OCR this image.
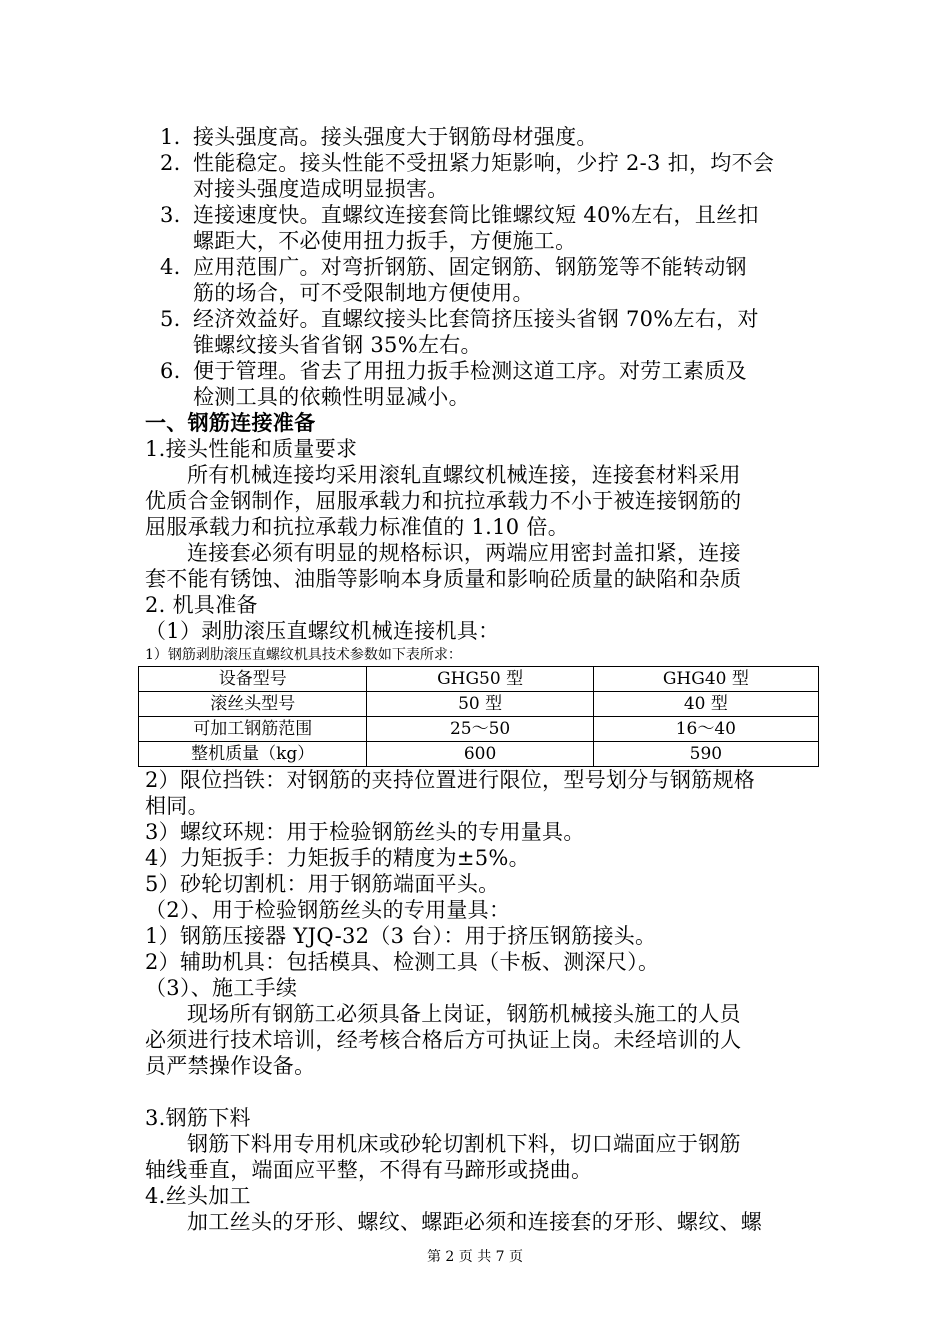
1. 接头强度高。接头强度大于钢筋母材强度。
2. 性能稳定。接头性能不受扭紧力矩影响，少拧 2-3 扣，均不会
对接头强度造成明显损害。
3. 连接速度快。直螺纹连接套筒比锥螺纹短 40%左右，且丝扣
螺距大，不必使用扭力扳手，方便施工。
4. 应用范围广。对弯折钢筋、固定钢筋、钢筋笼等不能转动钢
筋的场合，可不受限制地方便使用。
5. 经济效益好。直螺纹接头比套筒挤压接头省钢 70%左右，对
锥螺纹接头省省钢 35%左右。
6. 便于管理。省去了用扭力扳手检测这道工序。对劳工素质及
检测工具的依赖性明显减小。
一、钢筋连接准备
1.接头性能和质量要求
所有机械连接均采用滚轧直螺纹机械连接，连接套材料采用
优质合金钢制作，屈服承载力和抗拉承载力不小于被连接钢筋的
屈服承载力和抗拉承载力标准值的 1.10 倍。
连接套必须有明显的规格标识，两端应用密封盖扣紧，连接
套不能有锈蚀、油脂等影响本身质量和影响砼质量的缺陷和杂质
2. 机具准备
（1）剥肋滚压直螺纹机械连接机具：
1）钢筋剥肋滚压直螺纹机具技术参数如下表所求：
设备型号	GHG50 型	GHG40 型
滚丝头型号	50 型	40 型
可加工钢筋范围	25～50	16～40
整机质量（kg）	600	590
2）限位挡铁：对钢筋的夹持位置进行限位，型号划分与钢筋规格
相同。
3）螺纹环规：用于检验钢筋丝头的专用量具。
4）力矩扳手：力矩扳手的精度为±5%。
5）砂轮切割机：用于钢筋端面平头。
（2）、用于检验钢筋丝头的专用量具：
1）钢筋压接器 YJQ-32（3 台）：用于挤压钢筋接头。
2）辅助机具：包括模具、检测工具（卡板、测深尺）。
（3）、施工手续
现场所有钢筋工必须具备上岗证，钢筋机械接头施工的人员
必须进行技术培训，经考核合格后方可执证上岗。未经培训的人
员严禁操作设备。
3.钢筋下料
钢筋下料用专用机床或砂轮切割机下料，切口端面应于钢筋
轴线垂直，端面应平整，不得有马蹄形或挠曲。
4.丝头加工
加工丝头的牙形、螺纹、螺距必须和连接套的牙形、螺纹、螺
第 2 页 共 7 页
